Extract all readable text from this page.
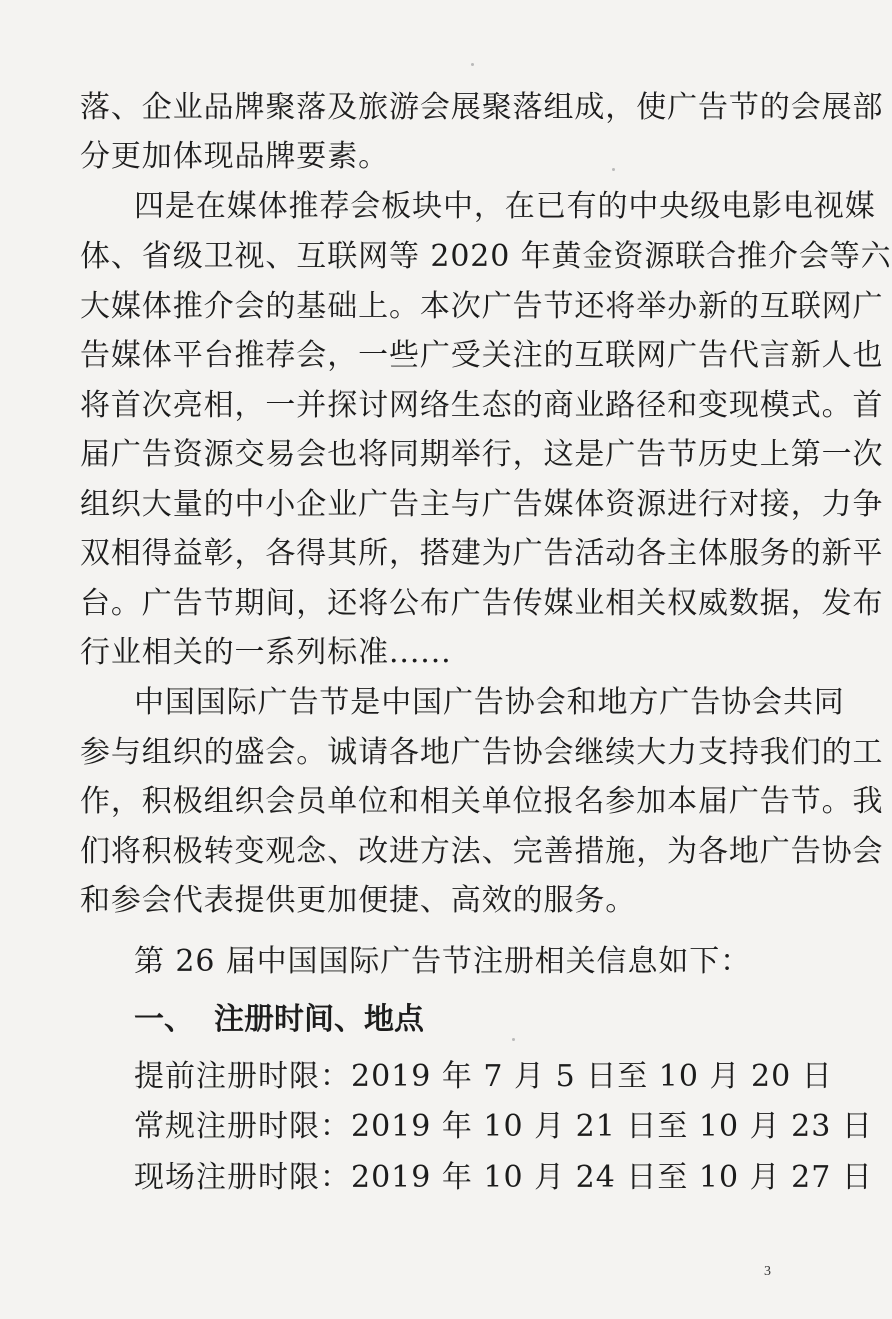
落、企业品牌聚落及旅游会展聚落组成，使广告节的会展部
分更加体现品牌要素。
四是在媒体推荐会板块中，在已有的中央级电影电视媒
体、省级卫视、互联网等 2020 年黄金资源联合推介会等六
大媒体推介会的基础上。本次广告节还将举办新的互联网广
告媒体平台推荐会，一些广受关注的互联网广告代言新人也
将首次亮相，一并探讨网络生态的商业路径和变现模式。首
届广告资源交易会也将同期举行，这是广告节历史上第一次
组织大量的中小企业广告主与广告媒体资源进行对接，力争
双相得益彰，各得其所，搭建为广告活动各主体服务的新平
台。广告节期间，还将公布广告传媒业相关权威数据，发布
行业相关的一系列标准......
中国国际广告节是中国广告协会和地方广告协会共同
参与组织的盛会。诚请各地广告协会继续大力支持我们的工
作，积极组织会员单位和相关单位报名参加本届广告节。我
们将积极转变观念、改进方法、完善措施，为各地广告协会
和参会代表提供更加便捷、高效的服务。
第 26 届中国国际广告节注册相关信息如下：
一、 注册时间、地点
提前注册时限：2019 年 7 月 5 日至 10 月 20 日
常规注册时限：2019 年 10 月 21 日至 10 月 23 日
现场注册时限：2019 年 10 月 24 日至 10 月 27 日
3
